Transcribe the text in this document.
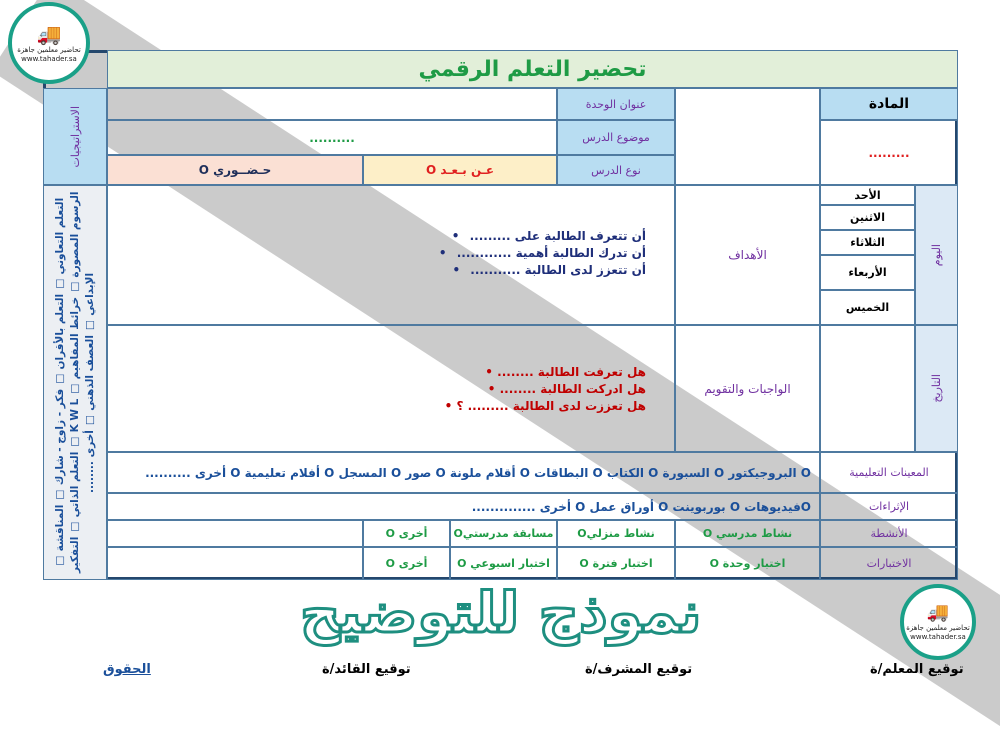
تحضير التعلم الرقمي
المادة
.........
عنوان الوحدة
موضوع الدرس
نوع الدرس
..........
عـن بـعـد O
حـضــوري O
الاستراتيجيات
التعلم التعاوني □ التعلم بالأقران □ فكر - زاوج - شارك □ المناقشة □ الرسوم المصورة □ خرائط المفاهيم □ K W L □ التعلم الذاتي □ التفكير الإبداعي □ العصف الذهني □ أخرى ........
اليوم
التاريخ
الأحد
الاثنين
الثلاثاء
الأربعاء
الخميس
الأهداف
أن تتعرف الطالبة على ......... •
أن تدرك الطالبة أهمية ............ •
أن تتعزز لدى الطالبة ........... •
الواجبات والتقويم
هل تعرفت الطالبة ........ •
هل ادركت الطالبة ........ •
هل تعززت لدى الطالبة ......... ؟ •
المعينات التعليمية
O البروجيكتور O السبورة O الكتاب O البطاقات O أقلام ملونة O صور O المسجل O أفلام تعليمية O أخرى ..........
الإثراءات
Oفيديوهات O بوربوينت O أوراق عمل O أخرى ..............
الأنشطة
نشاط مدرسي O
نشاط منزليO
مسابقة مدرستيO
أخرى O
الاختبارات
اختبار وحدة O
اختبار فترة O
اختبار اسبوعي O
أخرى O
توقيع المعلم/ة
توقيع المشرف/ة
توقيع القائد/ة
الحقوق
نموذج للتوضيح
🚚
تحاضير معلمين جاهزة
www.tahader.sa
🚚
تحاضير معلمين جاهزة
www.tahader.sa
